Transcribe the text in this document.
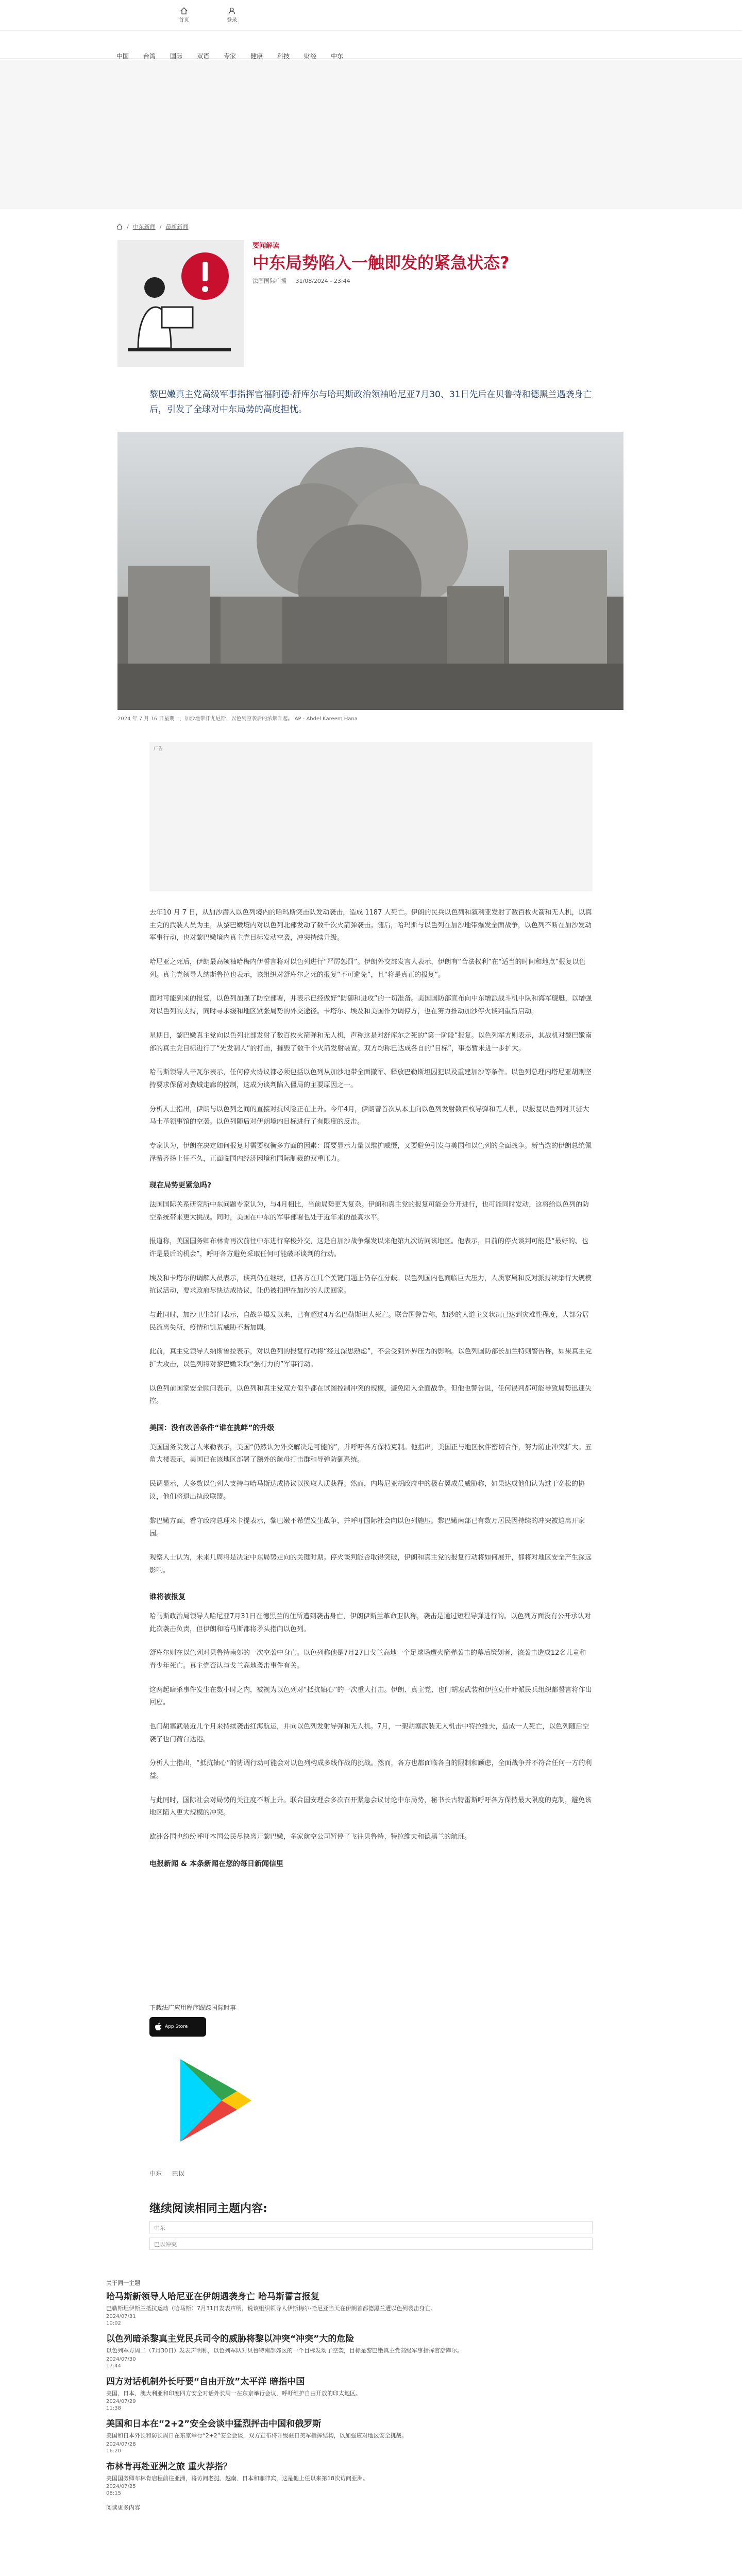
首页	登录
中国 台湾 国际 双语 专家 健康 科技 财经 中东
/ 中东新闻 / 最新新闻
要闻解读
中东局势陷入一触即发的紧急状态?
法国国际广播 31/08/2024 - 23:44
黎巴嫩真主党高级军事指挥官福阿德·舒库尔与哈玛斯政治领袖哈尼亚7月30、31日先后在贝鲁特和德黑兰遇袭身亡后，引发了全球对中东局势的高度担忧。
2024 年 7 月 16 日星期一，加沙地带汗尤尼斯，以色列空袭后的浓烟升起。 AP - Abdel Kareem Hana
广告

去年10 月 7 日，从加沙潜入以色列境内的哈玛斯突击队发动袭击，造成 1187 人死亡。伊朗的民兵以色列和叙利亚发射了数百枚火箭和无人机，以真主党的武装人员为主，从黎巴嫩境内对以色列北部发动了数千次火箭弹袭击。随后，哈玛斯与以色列在加沙地带爆发全面战争，以色列不断在加沙发动军事行动，也对黎巴嫩境内真主党目标发动空袭，冲突持续升级。

哈尼亚之死后，伊朗最高领袖哈梅内伊誓言将对以色列进行“严厉惩罚”。伊朗外交部发言人表示，伊朗有“合法权利”在“适当的时间和地点”报复以色列。真主党领导人纳斯鲁拉也表示，该组织对舒库尔之死的报复“不可避免”，且“将是真正的报复”。

面对可能到来的报复，以色列加强了防空部署，并表示已经做好“防御和进攻”的一切准备。美国国防部宣布向中东增派战斗机中队和海军舰艇，以增强对以色列的支持，同时寻求缓和地区紧张局势的外交途径。卡塔尔、埃及和美国作为调停方，也在努力推动加沙停火谈判重新启动。

星期日，黎巴嫩真主党向以色列北部发射了数百枚火箭弹和无人机，声称这是对舒库尔之死的“第一阶段”报复。以色列军方则表示，其战机对黎巴嫩南部的真主党目标进行了“先发制人”的打击，摧毁了数千个火箭发射装置。双方均称已达成各自的“目标”，事态暂未进一步扩大。

哈马斯领导人辛瓦尔表示，任何停火协议都必须包括以色列从加沙地带全面撤军、释放巴勒斯坦囚犯以及重建加沙等条件。以色列总理内塔尼亚胡则坚持要求保留对费城走廊的控制，这成为谈判陷入僵局的主要原因之一。

分析人士指出，伊朗与以色列之间的直接对抗风险正在上升。今年4月，伊朗曾首次从本土向以色列发射数百枚导弹和无人机，以报复以色列对其驻大马士革领事馆的空袭。以色列随后对伊朗境内目标进行了有限度的反击。

专家认为，伊朗在决定如何报复时需要权衡多方面的因素：既要显示力量以维护威慑，又要避免引发与美国和以色列的全面战争。新当选的伊朗总统佩泽希齐扬上任不久，正面临国内经济困境和国际制裁的双重压力。

现在局势更紧急吗?

法国国际关系研究所中东问题专家认为，与4月相比，当前局势更为复杂。伊朗和真主党的报复可能会分开进行，也可能同时发动，这将给以色列的防空系统带来更大挑战。同时，美国在中东的军事部署也处于近年来的最高水平。

报道称，美国国务卿布林肯再次前往中东进行穿梭外交，这是自加沙战争爆发以来他第九次访问该地区。他表示，目前的停火谈判可能是“最好的、也许是最后的机会”，呼吁各方避免采取任何可能破坏谈判的行动。

埃及和卡塔尔的调解人员表示，谈判仍在继续，但各方在几个关键问题上仍存在分歧。以色列国内也面临巨大压力，人质家属和反对派持续举行大规模抗议活动，要求政府尽快达成协议，让仍被扣押在加沙的人质回家。

与此同时，加沙卫生部门表示，自战争爆发以来，已有超过4万名巴勒斯坦人死亡。联合国警告称，加沙的人道主义状况已达到灾难性程度，大部分居民流离失所，疫情和饥荒威胁不断加剧。

此前，真主党领导人纳斯鲁拉表示，对以色列的报复行动将“经过深思熟虑”，不会受到外界压力的影响。以色列国防部长加兰特则警告称，如果真主党扩大攻击，以色列将对黎巴嫩采取“强有力的”军事行动。

以色列前国家安全顾问表示，以色列和真主党双方似乎都在试图控制冲突的规模，避免陷入全面战争。但他也警告说，任何误判都可能导致局势迅速失控。

美国：没有改善条件“谁在挑衅”的升级

美国国务院发言人米勒表示，美国“仍然认为外交解决是可能的”，并呼吁各方保持克制。他指出，美国正与地区伙伴密切合作，努力防止冲突扩大。五角大楼表示，美国已在该地区部署了额外的航母打击群和导弹防御系统。

民调显示，大多数以色列人支持与哈马斯达成协议以换取人质获释。然而，内塔尼亚胡政府中的极右翼成员威胁称，如果达成他们认为过于宽松的协议，他们将退出执政联盟。

黎巴嫩方面，看守政府总理米卡提表示，黎巴嫩不希望发生战争，并呼吁国际社会向以色列施压。黎巴嫩南部已有数万居民因持续的冲突被迫离开家园。

观察人士认为，未来几周将是决定中东局势走向的关键时期。停火谈判能否取得突破，伊朗和真主党的报复行动将如何展开，都将对地区安全产生深远影响。

谁将被报复

哈马斯政治局领导人哈尼亚7月31日在德黑兰的住所遭到袭击身亡，伊朗伊斯兰革命卫队称，袭击是通过短程导弹进行的。以色列方面没有公开承认对此次袭击负责，但伊朗和哈马斯都将矛头指向以色列。

舒库尔则在以色列对贝鲁特南郊的一次空袭中身亡。以色列称他是7月27日戈兰高地一个足球场遭火箭弹袭击的幕后策划者，该袭击造成12名儿童和青少年死亡。真主党否认与戈兰高地袭击事件有关。

这两起暗杀事件发生在数小时之内，被视为以色列对“抵抗轴心”的一次重大打击。伊朗、真主党、也门胡塞武装和伊拉克什叶派民兵组织都誓言将作出回应。

也门胡塞武装近几个月来持续袭击红海航运，并向以色列发射导弹和无人机。7月，一架胡塞武装无人机击中特拉维夫，造成一人死亡，以色列随后空袭了也门荷台达港。

分析人士指出，“抵抗轴心”的协调行动可能会对以色列构成多线作战的挑战。然而，各方也都面临各自的限制和顾虑，全面战争并不符合任何一方的利益。

与此同时，国际社会对局势的关注度不断上升。联合国安理会多次召开紧急会议讨论中东局势，秘书长古特雷斯呼吁各方保持最大限度的克制，避免该地区陷入更大规模的冲突。

欧洲各国也纷纷呼吁本国公民尽快离开黎巴嫩，多家航空公司暂停了飞往贝鲁特、特拉维夫和德黑兰的航班。

电报新闻 & 本条新闻在您的每日新闻信里
下载法广应用程序跟踪国际时事
App Store
中东 巴以
继续阅读相同主题内容:
中东
巴以冲突
关于同一主题
哈马斯新领导人哈尼亚在伊朗遇袭身亡 哈马斯誓言报复
巴勒斯坦伊斯兰抵抗运动（哈马斯）7月31日发表声明，说该组织领导人伊斯梅尔·哈尼亚当天在伊朗首都德黑兰遭以色列袭击身亡。
2024/07/31
10:02
以色列暗杀黎真主党民兵司令的威胁将黎以冲突“冲突”大的危险
以色列军方周二（7月30日）发表声明称，以色列军队对贝鲁特南部郊区的一个目标发动了空袭，目标是黎巴嫩真主党高级军事指挥官舒库尔。
2024/07/30
17:44
四方对话机制外长吁要“自由开放”太平洋 暗指中国
美国、日本、澳大利亚和印度四方安全对话外长周一在东京举行会议，呼吁维护自由开放的印太地区。
2024/07/29
11:38
美国和日本在“2+2”安全会谈中猛烈抨击中国和俄罗斯
美国和日本外长和防长周日在东京举行“2+2”安全会谈，双方宣布将升级驻日美军指挥结构，以加强应对地区安全挑战。
2024/07/28
16:20
布林肯再赴亚洲之旅 重火荐指？
美国国务卿布林肯启程前往亚洲，将访问老挝、越南、日本和菲律宾，这是他上任以来第18次访问亚洲。
2024/07/25
08:15
阅读更多内容
